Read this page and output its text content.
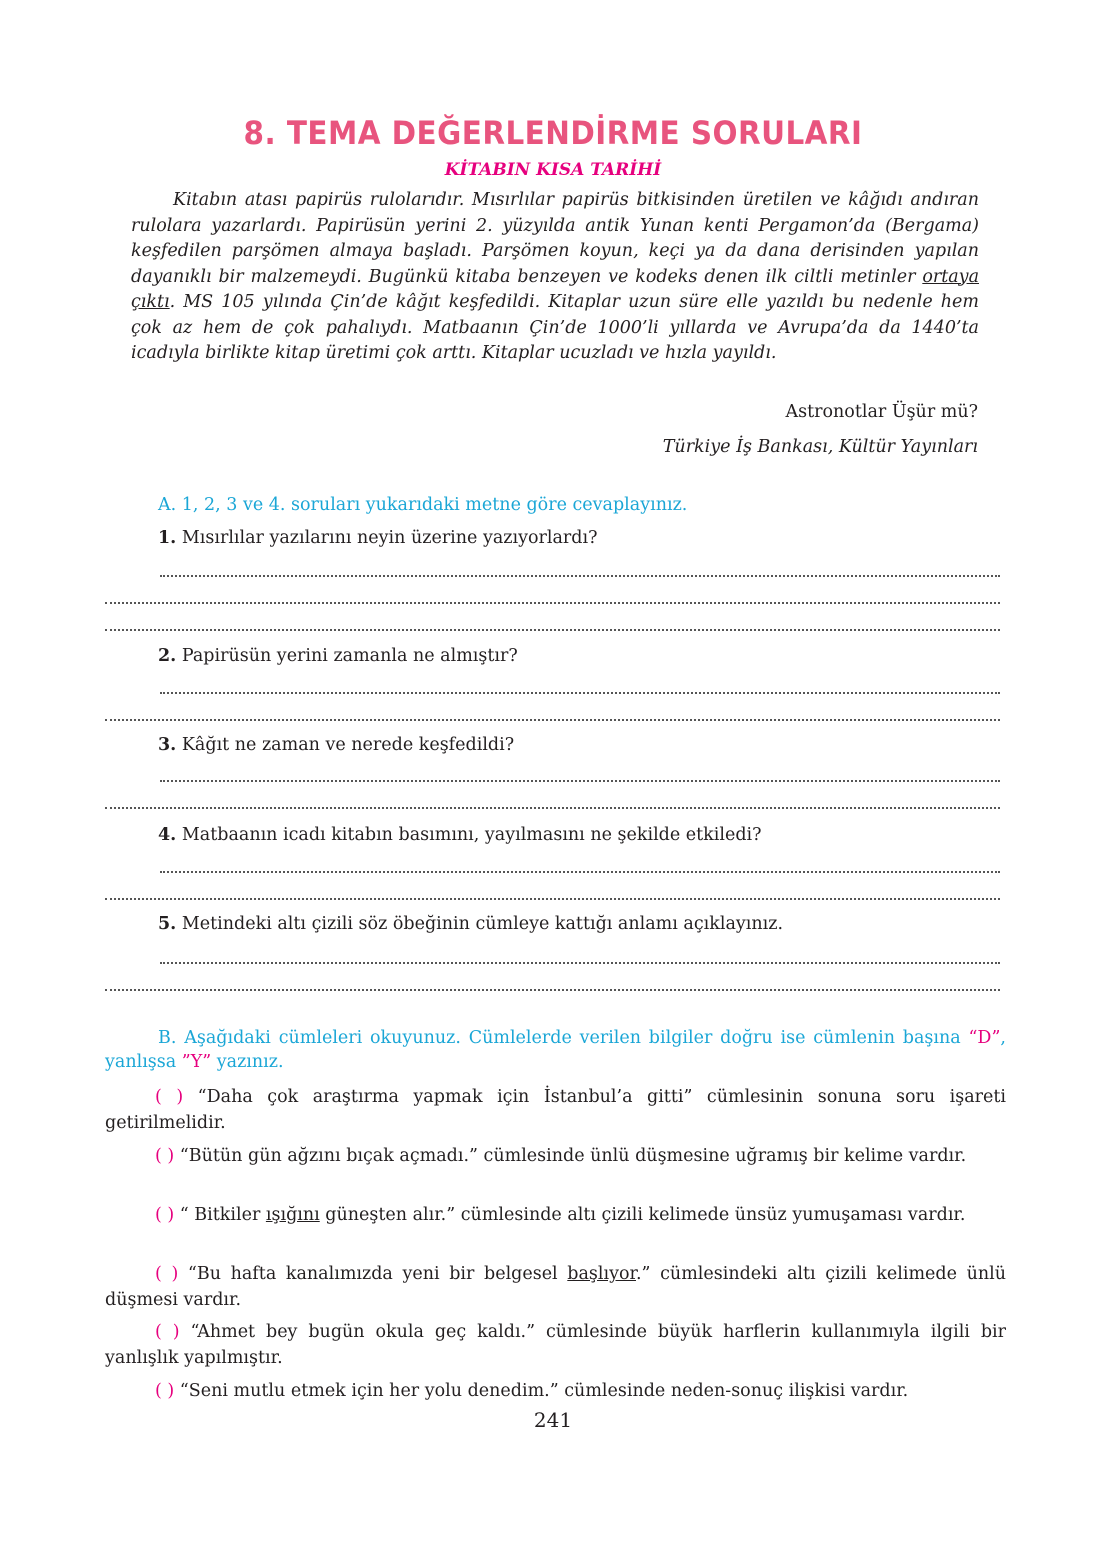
8. TEMA DEĞERLENDİRME SORULARI
KİTABIN KISA TARİHİ

Kitabın atası papirüs rulolarıdır. Mısırlılar papirüs bitkisinden üretilen ve kâğıdı andıran rulolara yazarlardı. Papirüsün yerini 2. yüzyılda antik Yunan kenti Pergamon’da (Bergama) keşfedilen parşömen almaya başladı. Parşömen koyun, keçi ya da dana derisinden yapılan dayanıklı bir malzemeydi. Bugünkü kitaba benzeyen ve kodeks denen ilk ciltli metinler ortaya çıktı. MS 105 yılında Çin’de kâğıt keşfedildi. Kitaplar uzun süre elle yazıldı bu nedenle hem çok az hem de çok pahalıydı. Matbaanın Çin’de 1000’li yıllarda ve Avrupa’da da 1440’ta icadıyla birlikte kitap üretimi çok arttı. Kitaplar ucuzladı ve hızla yayıldı.

Astronotlar Üşür mü?
Türkiye İş Bankası, Kültür Yayınları
A. 1, 2, 3 ve 4. soruları yukarıdaki metne göre cevaplayınız.
1. Mısırlılar yazılarını neyin üzerine yazıyorlardı?
2. Papirüsün yerini zamanla ne almıştır?
3. Kâğıt ne zaman ve nerede keşfedildi?
4. Matbaanın icadı kitabın basımını, yayılmasını ne şekilde etkiledi?
5. Metindeki altı çizili söz öbeğinin cümleye kattığı anlamı açıklayınız.
B. Aşağıdaki cümleleri okuyunuz. Cümlelerde verilen bilgiler doğru ise cümlenin başına “D”, yanlışsa ”Y” yazınız.
( ) “Daha çok araştırma yapmak için İstanbul’a gitti” cümlesinin sonuna soru işareti getirilmelidir.
( ) “Bütün gün ağzını bıçak açmadı.” cümlesinde ünlü düşmesine uğramış bir kelime vardır.
( ) “ Bitkiler ışığını güneşten alır.” cümlesinde altı çizili kelimede ünsüz yumuşaması vardır.
( ) “Bu hafta kanalımızda yeni bir belgesel başlıyor.” cümlesindeki altı çizili kelimede ünlü düşmesi vardır.
( ) “Ahmet bey bugün okula geç kaldı.” cümlesinde büyük harflerin kullanımıyla ilgili bir yanlışlık yapılmıştır.
( ) “Seni mutlu etmek için her yolu denedim.” cümlesinde neden-sonuç ilişkisi vardır.
241
